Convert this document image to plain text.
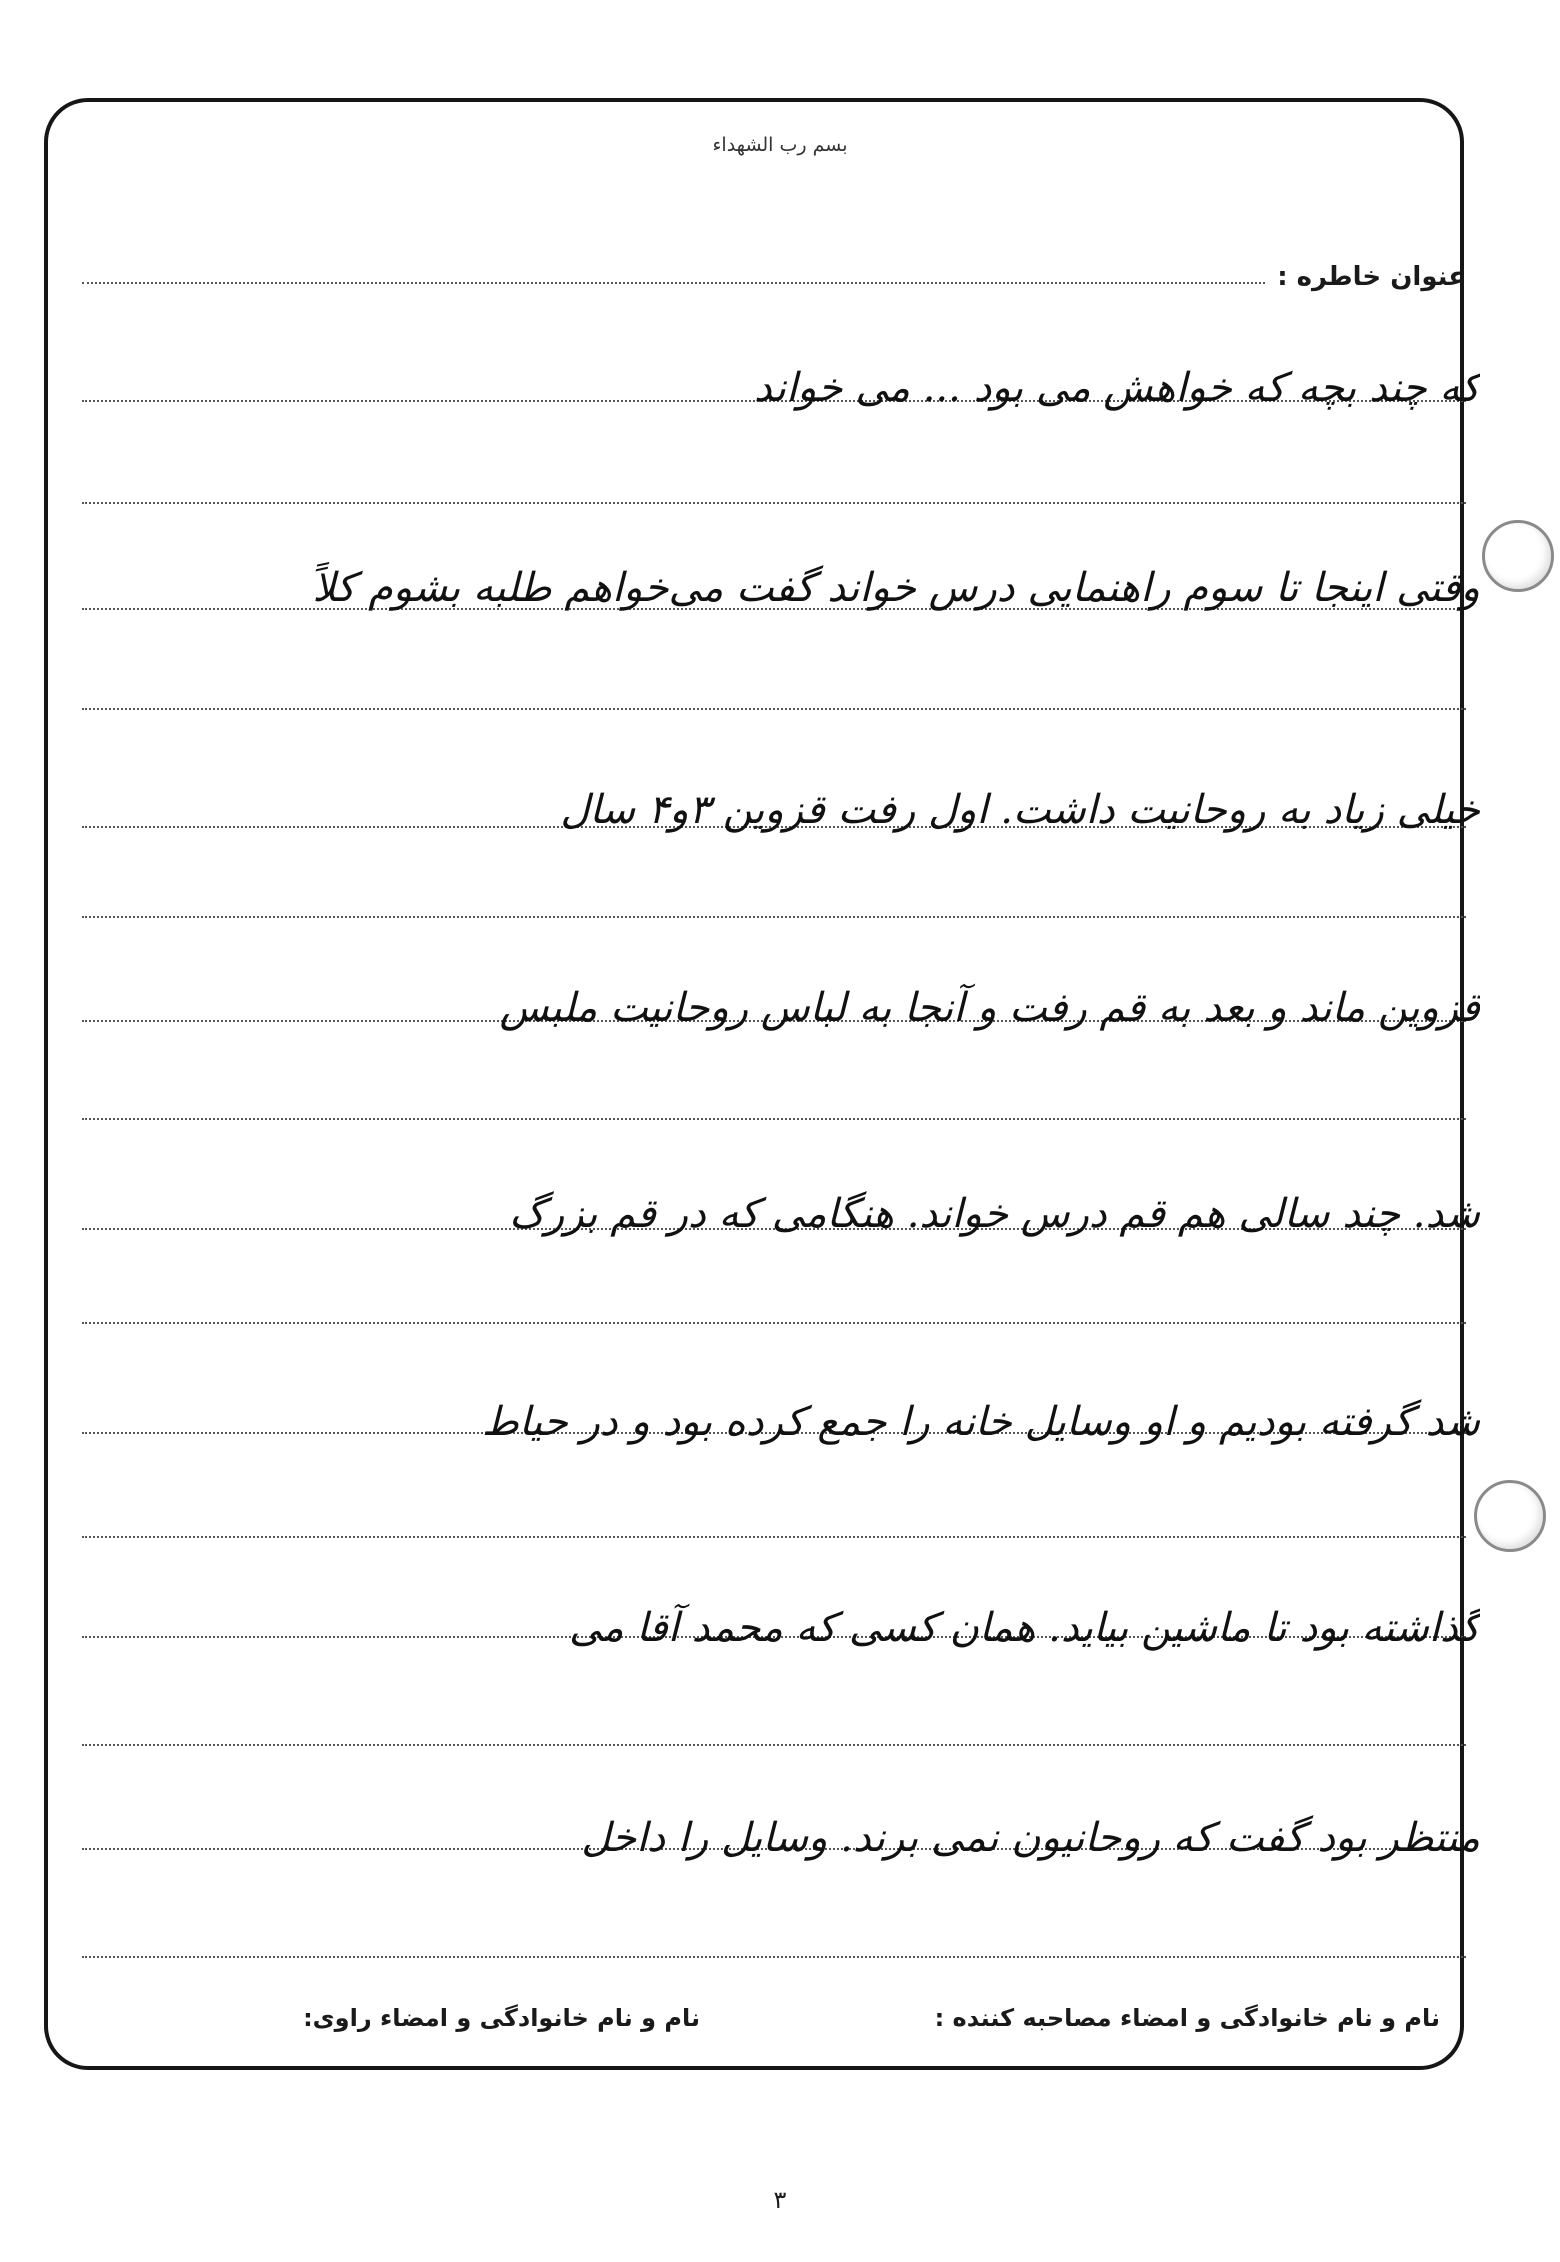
بسم رب الشهداء
عنوان خاطره :
که چند بچه که خواهش می بود ... می خواند
وقتی اینجا تا سوم راهنمایی درس خواند گفت می‌خواهم طلبه بشوم کلاً
خیلی زیاد به روحانیت داشت. اول رفت قزوین ۳و۴ سال
قزوین ماند و بعد به قم رفت و آنجا به لباس روحانیت ملبس
شد. چند سالی هم قم درس خواند. هنگامی که در قم بزرگ
شد گرفته بودیم و او وسایل خانه را جمع کرده بود و در حیاط
گذاشته بود تا ماشین بیاید. همان کسی که محمد آقا می
منتظر بود گفت که روحانیون نمی برند. وسایل را داخل
نام و نام خانوادگی و امضاء مصاحبه کننده :
نام و نام خانوادگی و امضاء راوی:
۳
